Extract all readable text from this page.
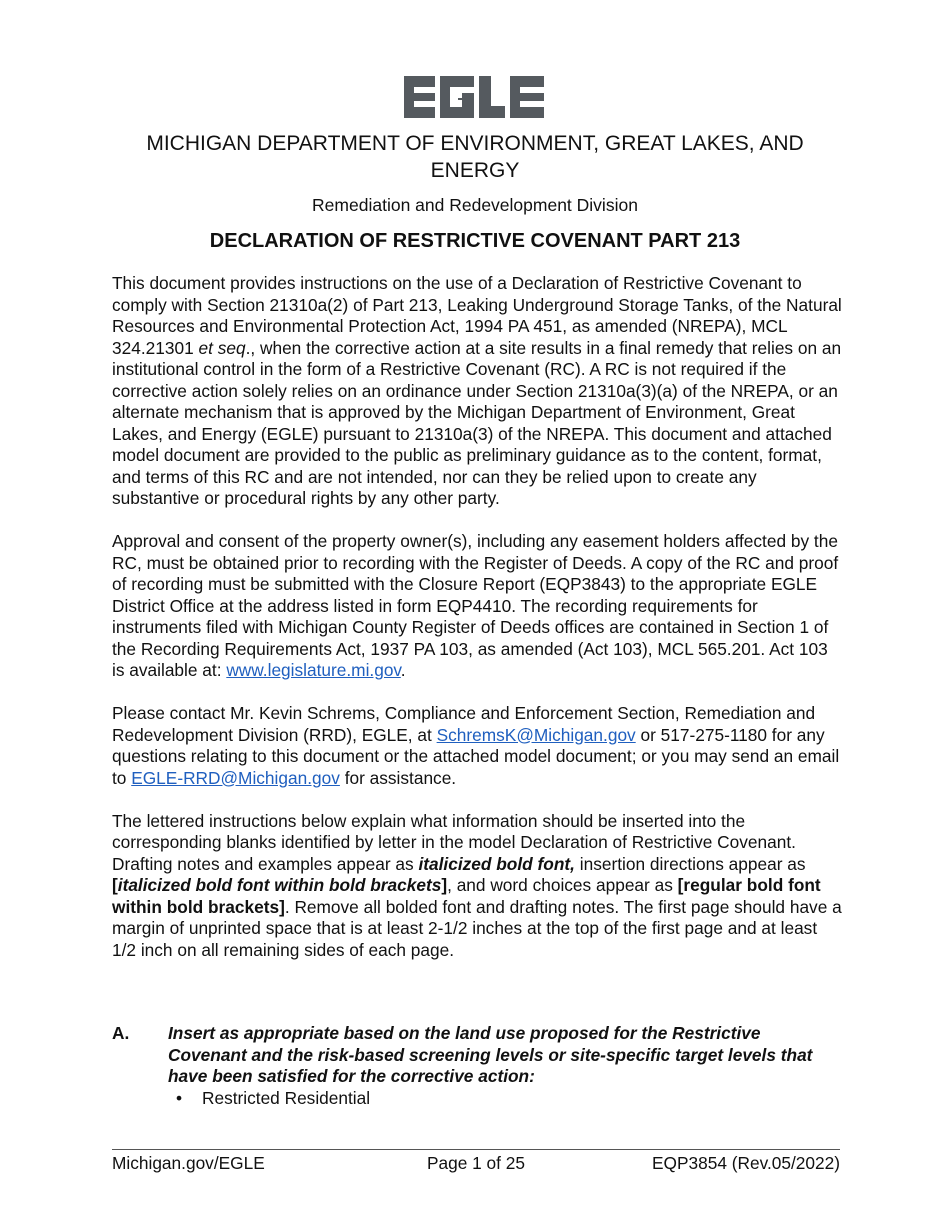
MICHIGAN DEPARTMENT OF ENVIRONMENT, GREAT LAKES, AND ENERGY
Remediation and Redevelopment Division
DECLARATION OF RESTRICTIVE COVENANT PART 213

This document provides instructions on the use of a Declaration of Restrictive Covenant to comply with Section 21310a(2) of Part 213, Leaking Underground Storage Tanks, of the Natural Resources and Environmental Protection Act, 1994 PA 451, as amended (NREPA), MCL 324.21301 et seq., when the corrective action at a site results in a final remedy that relies on an institutional control in the form of a Restrictive Covenant (RC). A RC is not required if the corrective action solely relies on an ordinance under Section 21310a(3)(a) of the NREPA, or an alternate mechanism that is approved by the Michigan Department of Environment, Great Lakes, and Energy (EGLE) pursuant to 21310a(3) of the NREPA. This document and attached model document are provided to the public as preliminary guidance as to the content, format, and terms of this RC and are not intended, nor can they be relied upon to create any substantive or procedural rights by any other party.

Approval and consent of the property owner(s), including any easement holders affected by the RC, must be obtained prior to recording with the Register of Deeds. A copy of the RC and proof of recording must be submitted with the Closure Report (EQP3843) to the appropriate EGLE District Office at the address listed in form EQP4410. The recording requirements for instruments filed with Michigan County Register of Deeds offices are contained in Section 1 of the Recording Requirements Act, 1937 PA 103, as amended (Act 103), MCL 565.201. Act 103 is available at: www.legislature.mi.gov.

Please contact Mr. Kevin Schrems, Compliance and Enforcement Section, Remediation and Redevelopment Division (RRD), EGLE, at SchremsK@Michigan.gov or 517-275-1180 for any questions relating to this document or the attached model document; or you may send an email to EGLE-RRD@Michigan.gov for assistance.

The lettered instructions below explain what information should be inserted into the corresponding blanks identified by letter in the model Declaration of Restrictive Covenant. Drafting notes and examples appear as italicized bold font, insertion directions appear as [italicized bold font within bold brackets], and word choices appear as [regular bold font within bold brackets]. Remove all bolded font and drafting notes. The first page should have a margin of unprinted space that is at least 2-1/2 inches at the top of the first page and at least 1/2 inch on all remaining sides of each page.

A. Insert as appropriate based on the land use proposed for the Restrictive Covenant and the risk-based screening levels or site-specific target levels that have been satisfied for the corrective action:
• Restricted Residential
Michigan.gov/EGLE	Page 1 of 25	EQP3854 (Rev.05/2022)
